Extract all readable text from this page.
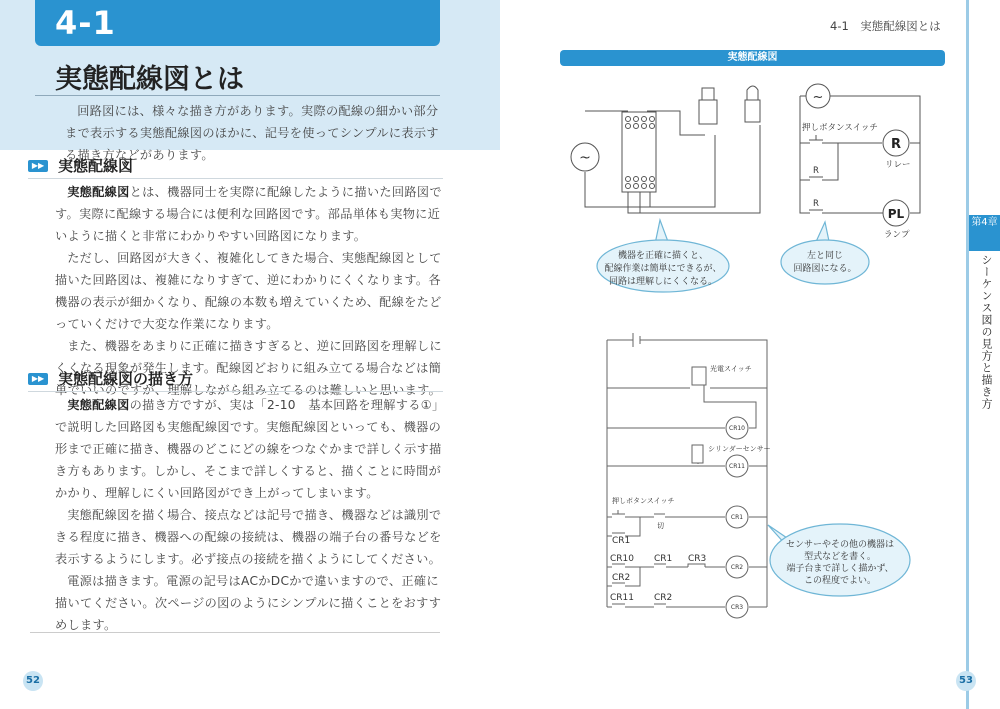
4-1
実態配線図とは

回路図には、様々な描き方があります。実際の配線の細かい部分まで表示する実態配線図のほかに、記号を使ってシンプルに表示する描き方などがあります。

▶▶ 実態配線図

実態配線図とは、機器同士を実際に配線したように描いた回路図です。実際に配線する場合には便利な回路図です。部品単体も実物に近いように描くと非常にわかりやすい回路図になります。

ただし、回路図が大きく、複雑化してきた場合、実態配線図として描いた回路図は、複雑になりすぎて、逆にわかりにくくなります。各機器の表示が細かくなり、配線の本数も増えていくため、配線をたどっていくだけで大変な作業になります。

また、機器をあまりに正確に描きすぎると、逆に回路図を理解しにくくなる現象が発生します。配線図どおりに組み立てる場合などは簡単でいいのですが、理解しながら組み立てるのは難しいと思います。

▶▶ 実態配線図の描き方

実態配線図の描き方ですが、実は「2-10　基本回路を理解する①」で説明した回路図も実態配線図です。実態配線図といっても、機器の形まで正確に描き、機器のどこにどの線をつなぐかまで詳しく示す描き方もあります。しかし、そこまで詳しくすると、描くことに時間がかかり、理解しにくい回路図ができ上がってしまいます。

実態配線図を描く場合、接点などは記号で描き、機器などは識別できる程度に描き、機器への配線の接続は、機器の端子台の番号などを表示するようにします。必ず接点の接続を描くようにしてください。

電源は描きます。電源の記号はACかDCかで違いますので、正確に描いてください。次ページの図のようにシンプルに描くことをおすすめします。

52
4-1　実態配線図とは
実態配線図
第4章
シーケンス図の見方と描き方
53
~
~
R
PL
押しボタンスイッチ
R
R
リレー
ランプ
機器を正確に描くと、
配線作業は簡単にできるが、
回路は理解しにくくなる。
左と同じ
回路図になる。
センサーやその他の機器は
型式などを書く。
端子台まで詳しく描かず、
この程度でよい。
CR10
CR11
CR1
CR2
CR3
光電スイッチ
シリンダーセンサー
押しボタンスイッチ
切
CR1
CR10 CR1 CR3
CR2
CR11 CR2
